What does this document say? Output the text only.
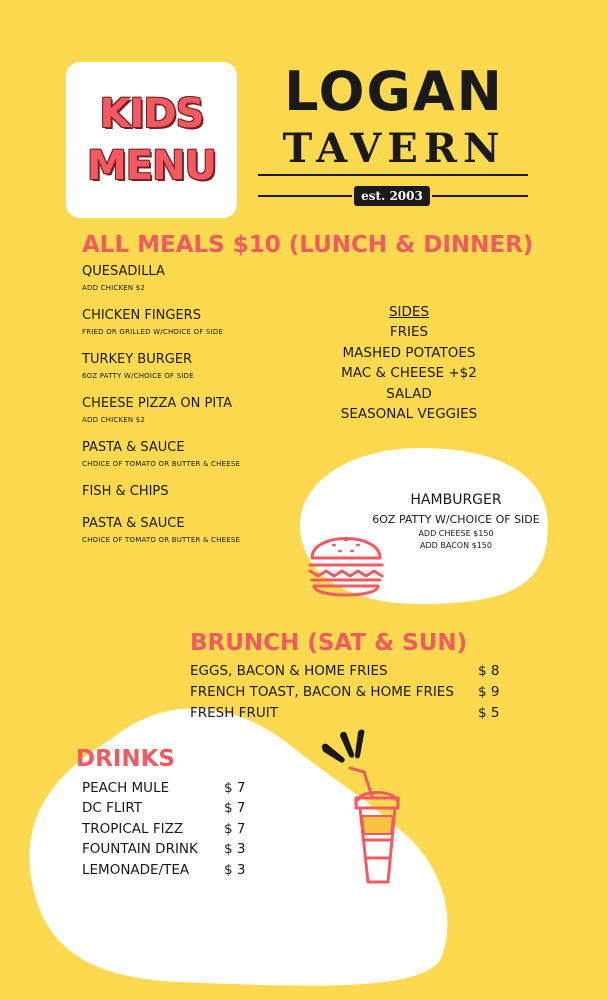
KIDS
MENU
LOGAN
TAVERN
est. 2003
ALL MEALS $10 (LUNCH & DINNER)
QUESADILLA
ADD CHICKEN $2
CHICKEN FINGERS
FRIED OR GRILLED W/CHOICE OF SIDE
TURKEY BURGER
6OZ PATTY W/CHOICE OF SIDE
CHEESE PIZZA ON PITA
ADD CHICKEN $2
PASTA & SAUCE
CHOICE OF TOMATO OR BUTTER & CHEESE
FISH & CHIPS
PASTA & SAUCE
CHOICE OF TOMATO OR BUTTER & CHEESE
SIDES
FRIES
MASHED POTATOES
MAC & CHEESE +$2
SALAD
SEASONAL VEGGIES
HAMBURGER
6OZ PATTY W/CHOICE OF SIDE
ADD CHEESE $150
ADD BACON $150
BRUNCH (SAT & SUN)
EGGS, BACON & HOME FRIES	$ 8
FRENCH TOAST, BACON & HOME FRIES $ 9
FRESH FRUIT	$ 5
DRINKS
PEACH MULE	$ 7
DC FLIRT	$ 7
TROPICAL FIZZ	$ 7
FOUNTAIN DRINK $ 3
LEMONADE/TEA	$ 3
